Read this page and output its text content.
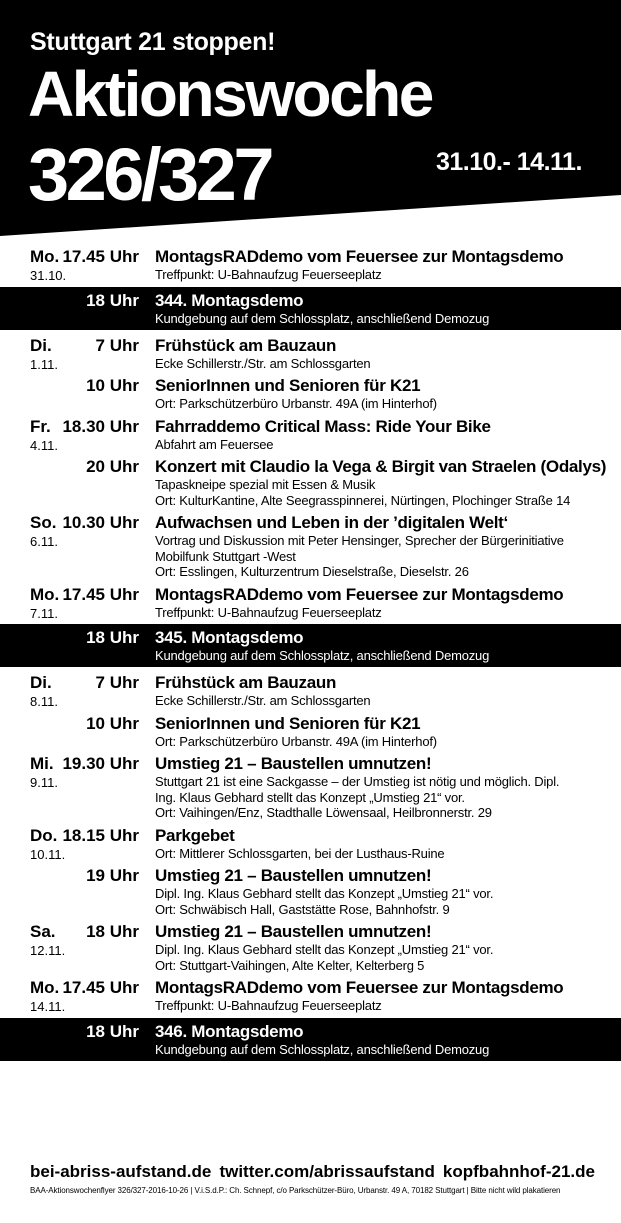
Stuttgart 21 stoppen!
Aktionswoche
326/327	31.10.- 14.11.
Mo. 17.45 Uhr
31.10.
MontagsRADdemo vom Feuersee zur Montagsdemo
Treffpunkt: U-Bahnaufzug Feuerseeplatz
18 Uhr 344. Montagsdemo
Kundgebung auf dem Schlossplatz, anschließend Demozug
Di.	7 Uhr
1.11.
Frühstück am Bauzaun
Ecke Schillerstr./Str. am Schlossgarten
10 Uhr SeniorInnen und Senioren für K21
Ort: Parkschützerbüro Urbanstr. 49A (im Hinterhof)
Fr. 18.30 Uhr
4.11.
Fahrraddemo Critical Mass: Ride Your Bike
Abfahrt am Feuersee
20 Uhr Konzert mit Claudio la Vega & Birgit van Straelen (Odalys)
Tapaskneipe spezial mit Essen & Musik
Ort: KulturKantine, Alte Seegrasspinnerei, Nürtingen, Plochinger Straße 14
So. 10.30 Uhr
6.11.
Aufwachsen und Leben in der ’digitalen Welt‘
Vortrag und Diskussion mit Peter Hensinger, Sprecher der Bürgerinitiative
Mobilfunk Stuttgart -West
Ort: Esslingen, Kulturzentrum Dieselstraße, Dieselstr. 26
Mo. 17.45 Uhr
7.11.
MontagsRADdemo vom Feuersee zur Montagsdemo
Treffpunkt: U-Bahnaufzug Feuerseeplatz
18 Uhr 345. Montagsdemo
Kundgebung auf dem Schlossplatz, anschließend Demozug
Di.	7 Uhr
8.11.
Frühstück am Bauzaun
Ecke Schillerstr./Str. am Schlossgarten
10 Uhr SeniorInnen und Senioren für K21
Ort: Parkschützerbüro Urbanstr. 49A (im Hinterhof)
Mi. 19.30 Uhr
9.11.
Umstieg 21 – Baustellen umnutzen!
Stuttgart 21 ist eine Sackgasse – der Umstieg ist nötig und möglich. Dipl.
Ing. Klaus Gebhard stellt das Konzept „Umstieg 21“ vor.
Ort: Vaihingen/Enz, Stadthalle Löwensaal, Heilbronnerstr. 29
Do. 18.15 Uhr
10.11.
Parkgebet
Ort: Mittlerer Schlossgarten, bei der Lusthaus-Ruine
19 Uhr Umstieg 21 – Baustellen umnutzen!
Dipl. Ing. Klaus Gebhard stellt das Konzept „Umstieg 21“ vor.
Ort: Schwäbisch Hall, Gaststätte Rose, Bahnhofstr. 9
Sa. 18 Uhr
12.11.
Umstieg 21 – Baustellen umnutzen!
Dipl. Ing. Klaus Gebhard stellt das Konzept „Umstieg 21“ vor.
Ort: Stuttgart-Vaihingen, Alte Kelter, Kelterberg 5
Mo. 17.45 Uhr
14.11.
MontagsRADdemo vom Feuersee zur Montagsdemo
Treffpunkt: U-Bahnaufzug Feuerseeplatz
18 Uhr 346. Montagsdemo
Kundgebung auf dem Schlossplatz, anschließend Demozug
bei-abriss-aufstand.de twitter.com/abrissaufstand kopfbahnhof-21.de
BAA-Aktionswochenflyer 326/327-2016-10-26 | V.i.S.d.P.: Ch. Schnepf, c/o Parkschützer-Büro, Urbanstr. 49 A, 70182 Stuttgart | Bitte nicht wild plakatieren
